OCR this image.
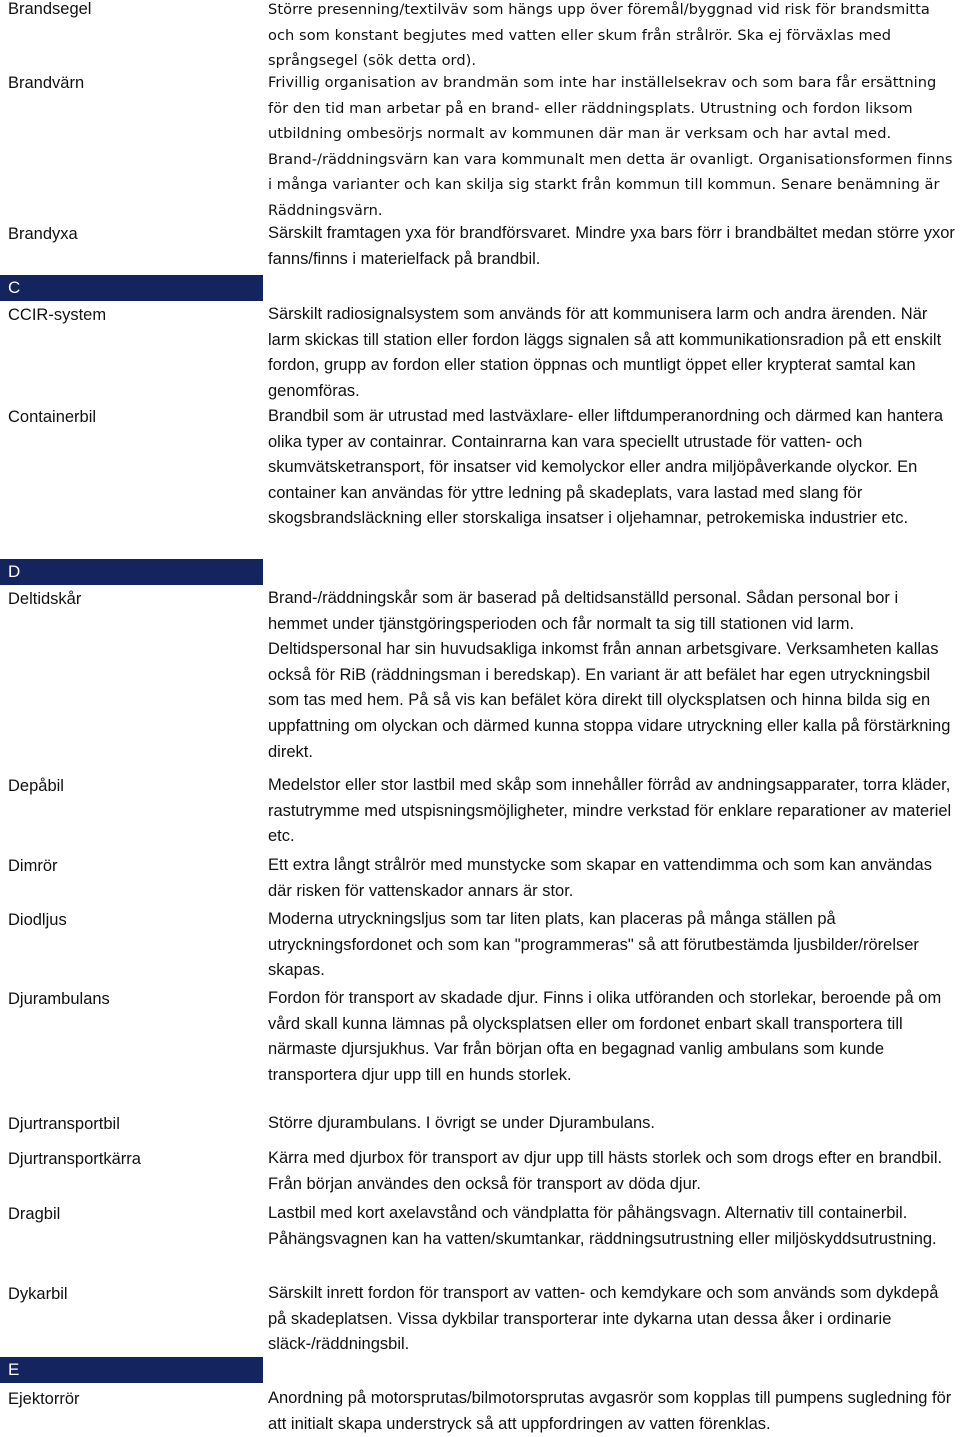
Brandsegel	Större presenning/textilväv som hängs upp över föremål/byggnad vid risk för brandsmitta och som konstant begjutes med vatten eller skum från strålrör. Ska ej förväxlas med språngsegel (sök detta ord).
Brandvärn	Frivillig organisation av brandmän som inte har inställelsekrav och som bara får ersättning för den tid man arbetar på en brand- eller räddningsplats. Utrustning och fordon liksom utbildning ombesörjs normalt av kommunen där man är verksam och har avtal med. Brand-/räddningsvärn kan vara kommunalt men detta är ovanligt. Organisationsformen finns i många varianter och kan skilja sig starkt från kommun till kommun. Senare benämning är Räddningsvärn.
Brandyxa	Särskilt framtagen yxa för brandförsvaret. Mindre yxa bars förr i brandbältet medan större yxor fanns/finns i materielfack på brandbil.
C
CCIR-system	Särskilt radiosignalsystem som används för att kommunisera larm och andra ärenden. När larm skickas till station eller fordon läggs signalen så att kommunikationsradion på ett enskilt fordon, grupp av fordon eller station öppnas och muntligt öppet eller krypterat samtal kan genomföras.
Containerbil	Brandbil som är utrustad med lastväxlare- eller liftdumperanordning och därmed kan hantera olika typer av containrar. Containrarna kan vara speciellt utrustade för vatten- och skumvätsketransport, för insatser vid kemolyckor eller andra miljöpåverkande olyckor. En container kan användas för yttre ledning på skadeplats, vara lastad med slang för skogsbrandsläckning eller storskaliga insatser i oljehamnar, petrokemiska industrier etc.
D
Deltidskår	Brand-/räddningskår som är baserad på deltidsanställd personal. Sådan personal bor i hemmet under tjänstgöringsperioden och får normalt ta sig till stationen vid larm. Deltidspersonal har sin huvudsakliga inkomst från annan arbetsgivare. Verksamheten kallas också för RiB (räddningsman i beredskap). En variant är att befälet har egen utryckningsbil som tas med hem. På så vis kan befälet köra direkt till olycksplatsen och hinna bilda sig en uppfattning om olyckan och därmed kunna stoppa vidare utryckning eller kalla på förstärkning direkt.
Depåbil	Medelstor eller stor lastbil med skåp som innehåller förråd av andningsapparater, torra kläder, rastutrymme med utspisningsmöjligheter, mindre verkstad för enklare reparationer av materiel etc.
Dimrör	Ett extra långt strålrör med munstycke som skapar en vattendimma och som kan användas där risken för vattenskador annars är stor.
Diodljus	Moderna utryckningsljus som tar liten plats, kan placeras på många ställen på utryckningsfordonet och som kan "programmeras" så att förutbestämda ljusbilder/rörelser skapas.
Djurambulans	Fordon för transport av skadade djur. Finns i olika utföranden och storlekar, beroende på om vård skall kunna lämnas på olycksplatsen eller om fordonet enbart skall transportera till närmaste djursjukhus. Var från början ofta en begagnad vanlig ambulans som kunde transportera djur upp till en hunds storlek.
Djurtransportbil	Större djurambulans. I övrigt se under Djurambulans.
Djurtransportkärra	Kärra med djurbox för transport av djur upp till hästs storlek och som drogs efter en brandbil. Från början användes den också för transport av döda djur.
Dragbil	Lastbil med kort axelavstånd och vändplatta för påhängsvagn. Alternativ till containerbil. Påhängsvagnen kan ha vatten/skumtankar, räddningsutrustning eller miljöskyddsutrustning.
Dykarbil	Särskilt inrett fordon för transport av vatten- och kemdykare och som används som dykdepå på skadeplatsen. Vissa dykbilar transporterar inte dykarna utan dessa åker i ordinarie släck-/räddningsbil.
E
Ejektorrör	Anordning på motorsprutas/bilmotorsprutas avgasrör som kopplas till pumpens sugledning för att initialt skapa understryck så att uppfordringen av vatten förenklas.
